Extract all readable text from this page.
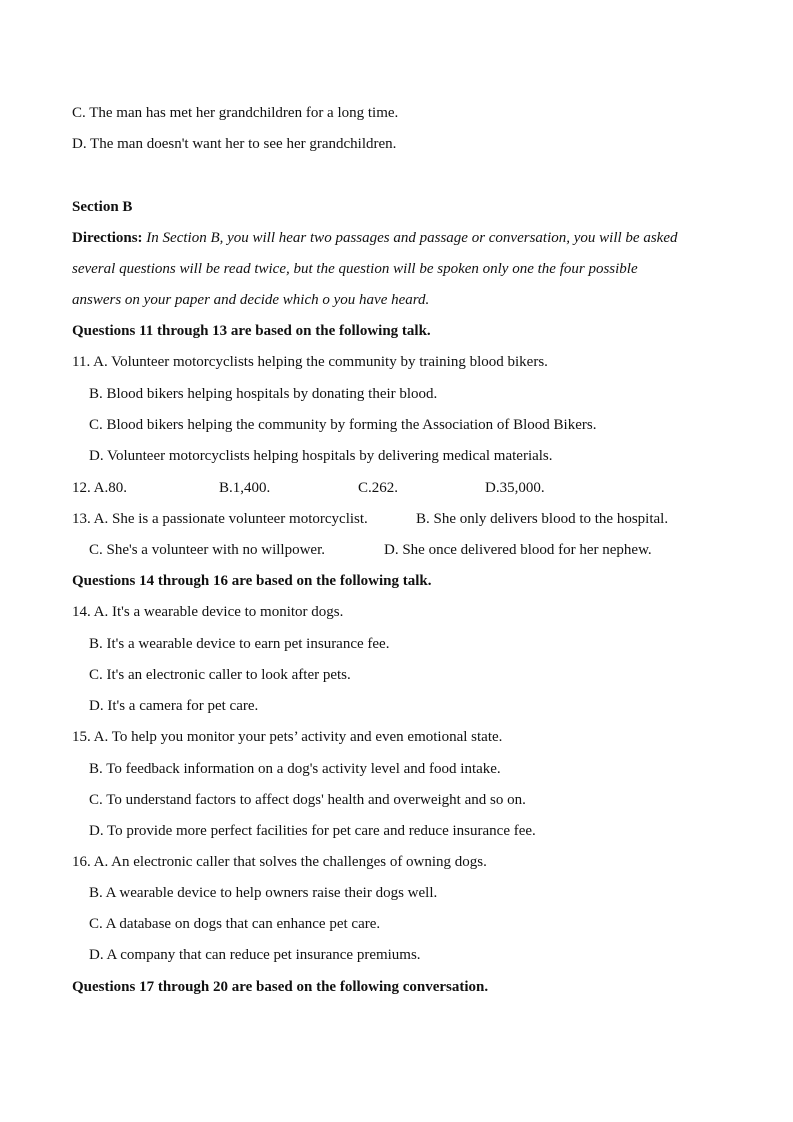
C. The man has met her grandchildren for a long time.
D. The man doesn't want her to see her grandchildren.
Section B
Directions: In Section B, you will hear two passages and passage or conversation, you will be asked
several questions will be read twice, but the question will be spoken only one the four possible
answers on your paper and decide which o you have heard.
Questions 11 through 13 are based on the following talk.
11. A. Volunteer motorcyclists helping the community by training blood bikers.
B. Blood bikers helping hospitals by donating their blood.
C. Blood bikers helping the community by forming the Association of Blood Bikers.
D. Volunteer motorcyclists helping hospitals by delivering medical materials.
12. A.80.	B.1,400.	C.262.	D.35,000.
13. A. She is a passionate volunteer motorcyclist.	B. She only delivers blood to the hospital.
C. She's a volunteer with no willpower.	D. She once delivered blood for her nephew.
Questions 14 through 16 are based on the following talk.
14. A. It's a wearable device to monitor dogs.
B. It's a wearable device to earn pet insurance fee.
C. It's an electronic caller to look after pets.
D. It's a camera for pet care.
15. A. To help you monitor your pets’ activity and even emotional state.
B. To feedback information on a dog's activity level and food intake.
C. To understand factors to affect dogs' health and overweight and so on.
D. To provide more perfect facilities for pet care and reduce insurance fee.
16. A. An electronic caller that solves the challenges of owning dogs.
B. A wearable device to help owners raise their dogs well.
C. A database on dogs that can enhance pet care.
D. A company that can reduce pet insurance premiums.
Questions 17 through 20 are based on the following conversation.
